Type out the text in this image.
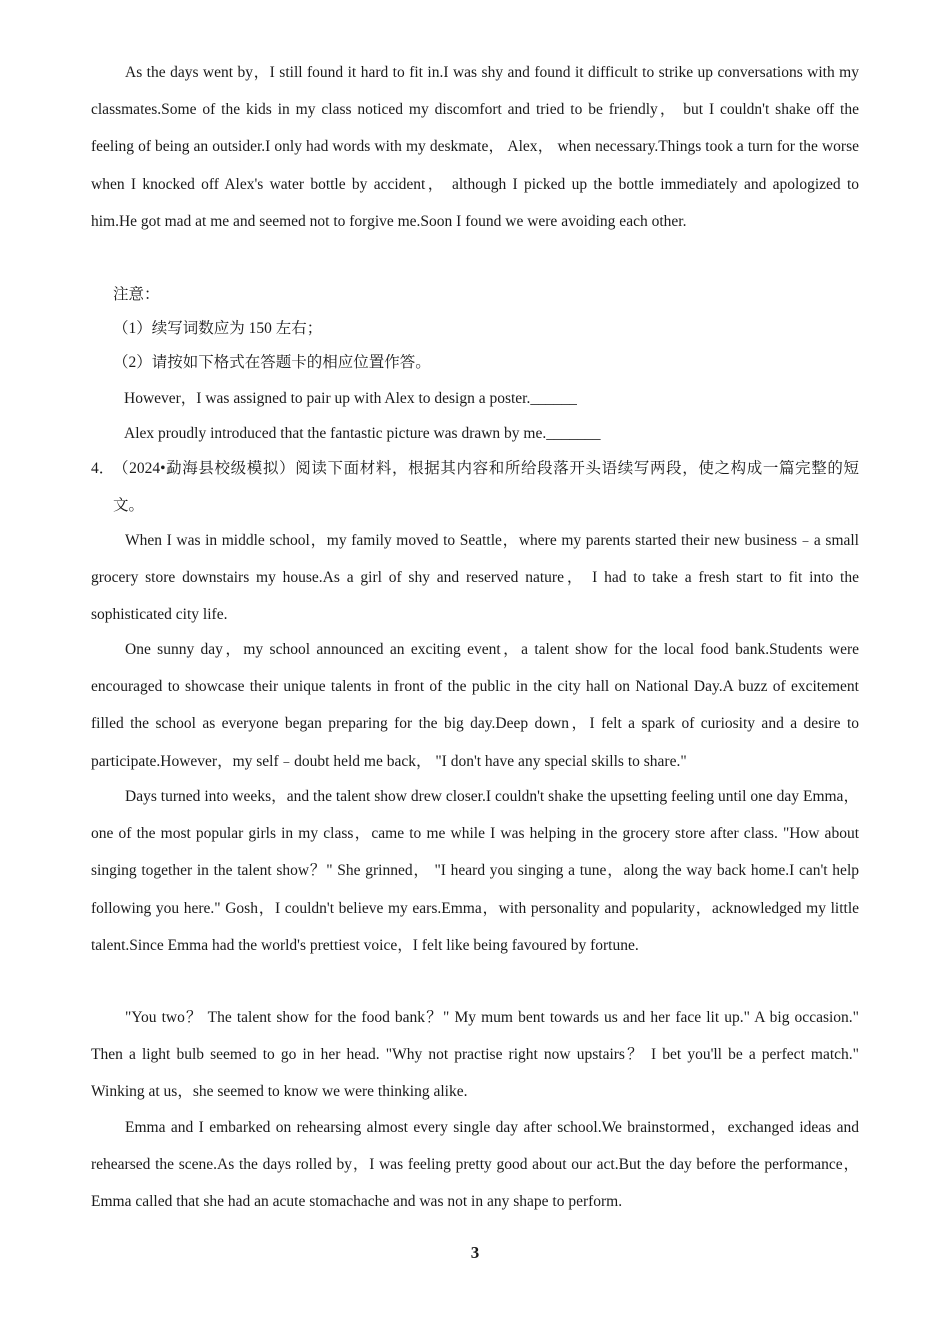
As the days went by，I still found it hard to fit in.I was shy and found it difficult to strike up conversations with my classmates.Some of the kids in my class noticed my discomfort and tried to be friendly， but I couldn't shake off the feeling of being an outsider.I only had words with my deskmate， Alex， when necessary.Things took a turn for the worse when I knocked off Alex's water bottle by accident， although I picked up the bottle immediately and apologized to him.He got mad at me and seemed not to forgive me.Soon I found we were avoiding each other.

注意：
（1）续写词数应为 150 左右；
（2）请按如下格式在答题卡的相应位置作答。
However，I was assigned to pair up with Alex to design a poster.______
Alex proudly introduced that the fantastic picture was drawn by me._______
4．

（2024•勐海县校级模拟）阅读下面材料，根据其内容和所给段落开头语续写两段，使之构成一篇完整的短文。

When I was in middle school，my family moved to Seattle，where my parents started their new business﹣a small grocery store downstairs my house.As a girl of shy and reserved nature， I had to take a fresh start to fit into the sophisticated city life.

One sunny day，my school announced an exciting event，a talent show for the local food bank.Students were encouraged to showcase their unique talents in front of the public in the city hall on National Day.A buzz of excitement filled the school as everyone began preparing for the big day.Deep down，I felt a spark of curiosity and a desire to participate.However，my self﹣doubt held me back， "I don't have any special skills to share."

Days turned into weeks，and the talent show drew closer.I couldn't shake the upsetting feeling until one day Emma，one of the most popular girls in my class，came to me while I was helping in the grocery store after class. "How about singing together in the talent show？" She grinned， "I heard you singing a tune，along the way back home.I can't help following you here." Gosh，I couldn't believe my ears.Emma，with personality and popularity，acknowledged my little talent.Since Emma had the world's prettiest voice，I felt like being favoured by fortune.

"You two？ The talent show for the food bank？" My mum bent towards us and her face lit up." A big occasion." Then a light bulb seemed to go in her head. "Why not practise right now upstairs？ I bet you'll be a perfect match." Winking at us，she seemed to know we were thinking alike.

Emma and I embarked on rehearsing almost every single day after school.We brainstormed，exchanged ideas and rehearsed the scene.As the days rolled by，I was feeling pretty good about our act.But the day before the performance，Emma called that she had an acute stomachache and was not in any shape to perform.

3
